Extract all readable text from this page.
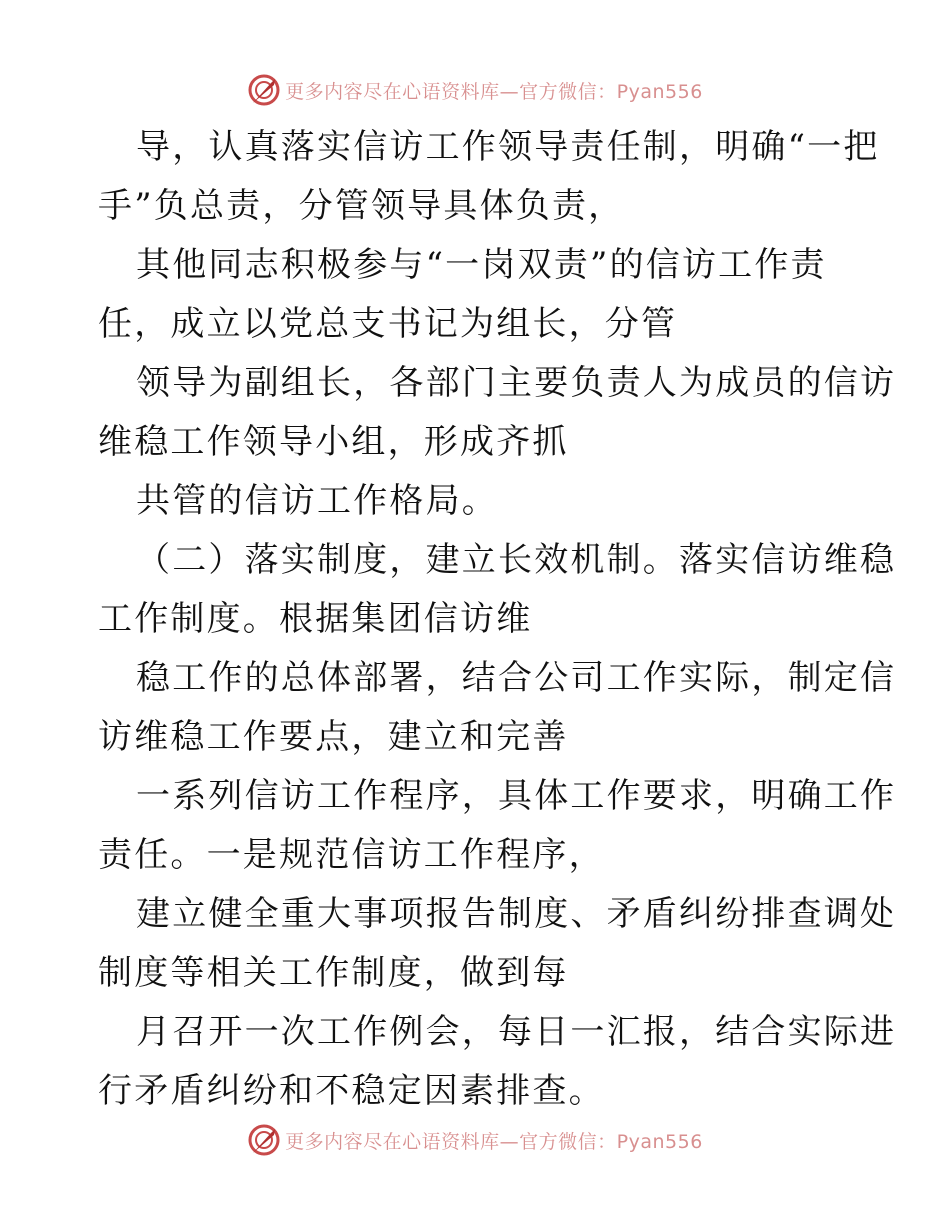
更多内容尽在心语资料库—官方微信：Pyan556

导，认真落实信访工作领导责任制，明确“一把

手”负总责，分管领导具体负责，

其他同志积极参与“一岗双责”的信访工作责

任，成立以党总支书记为组长，分管

领导为副组长，各部门主要负责人为成员的信访

维稳工作领导小组，形成齐抓

共管的信访工作格局。

（二）落实制度，建立长效机制。落实信访维稳

工作制度。根据集团信访维

稳工作的总体部署，结合公司工作实际，制定信

访维稳工作要点，建立和完善

一系列信访工作程序，具体工作要求，明确工作

责任。一是规范信访工作程序，

建立健全重大事项报告制度、矛盾纠纷排查调处

制度等相关工作制度，做到每

月召开一次工作例会，每日一汇报，结合实际进

行矛盾纠纷和不稳定因素排查。

更多内容尽在心语资料库—官方微信：Pyan556
